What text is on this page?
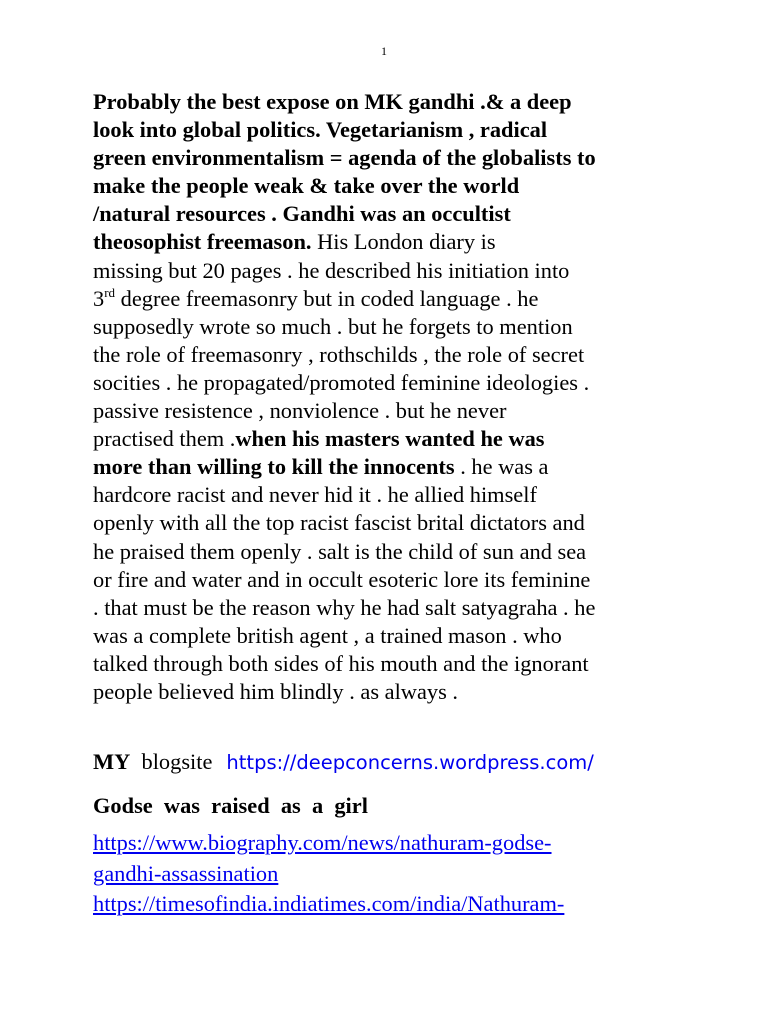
1
Probably the best expose on MK gandhi .& a deep
look into global politics. Vegetarianism , radical
green environmentalism = agenda of the globalists to
make the people weak & take over the world
/natural resources . Gandhi was an occultist
theosophist freemason. His London diary is
missing but 20 pages . he described his initiation into
3rd degree freemasonry but in coded language . he
supposedly wrote so much . but he forgets to mention
the role of freemasonry , rothschilds , the role of secret
socities . he propagated/promoted feminine ideologies .
passive resistence , nonviolence . but he never
practised them .when his masters wanted he was
more than willing to kill the innocents . he was a
hardcore racist and never hid it . he allied himself
openly with all the top racist fascist brital dictators and
he praised them openly . salt is the child of sun and sea
or fire and water and in occult esoteric lore its feminine
. that must be the reason why he had salt satyagraha . he
was a complete british agent , a trained mason . who
talked through both sides of his mouth and the ignorant
people believed him blindly . as always .
MY  blogsite https://deepconcerns.wordpress.com/
Godse  was  raised  as  a  girl
https://www.biography.com/news/nathuram-godse-
gandhi-assassination
https://timesofindia.indiatimes.com/india/Nathuram-
